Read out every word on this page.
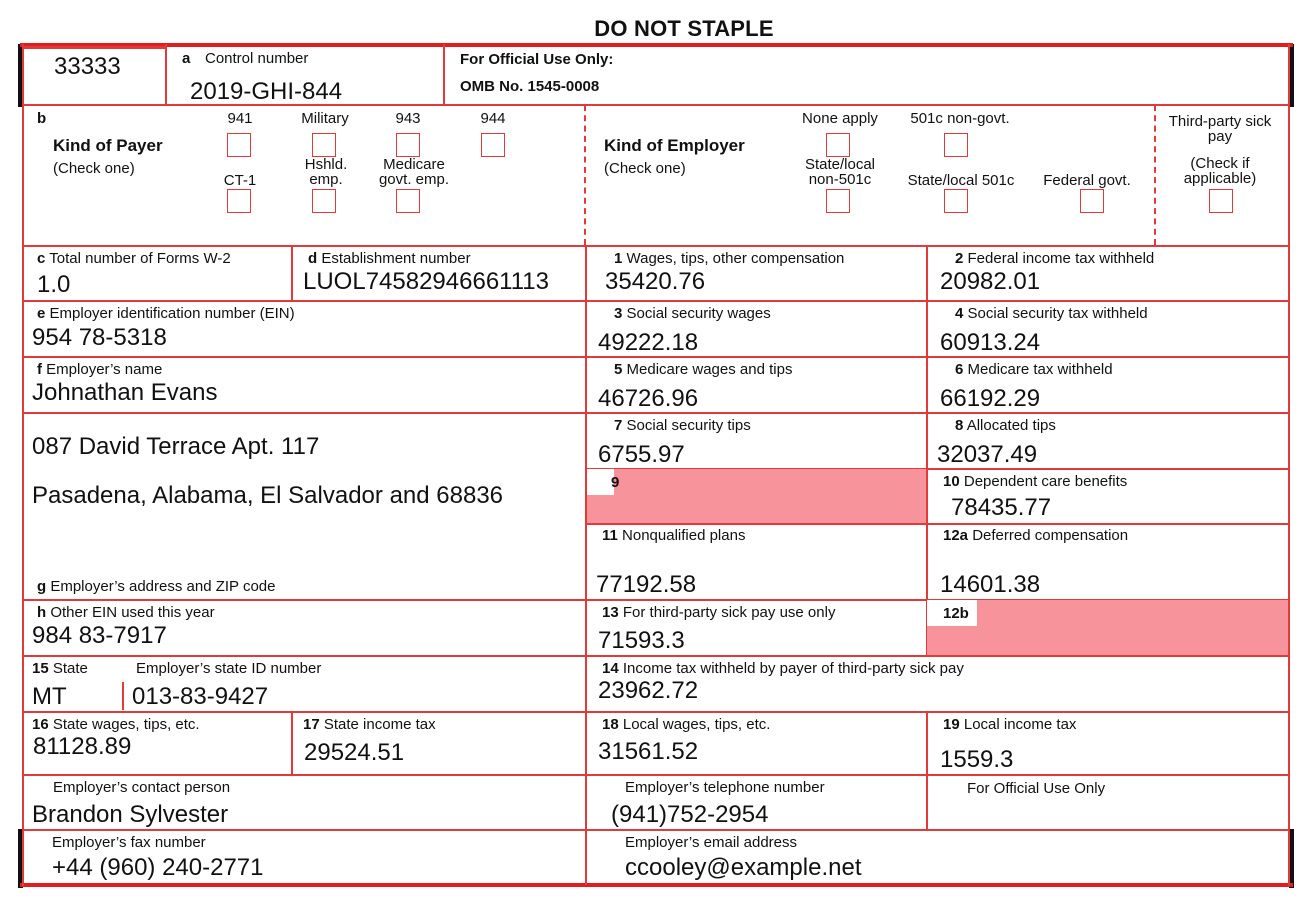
DO NOT STAPLE
33333	a Control number
2019-GHI-844
For Official Use Only:
OMB No. 1545-0008
b
Kind of Payer
(Check one)
941	Military	943	944
CT-1
Hshld. emp.
Medicare govt. emp.
Kind of Employer
(Check one)
None apply	501c non-govt.
State/local non-501c	State/local 501c	Federal govt.
Third-party sick pay
(Check if applicable)
c Total number of Forms W-2
1.0
d Establishment number
LUOL74582946661113
1 Wages, tips, other compensation
35420.76
2 Federal income tax withheld
20982.01
e Employer identification number (EIN)
954 78-5318
3 Social security wages
49222.18
4 Social security tax withheld
60913.24
f Employer’s name
Johnathan Evans
5 Medicare wages and tips
46726.96
6 Medicare tax withheld
66192.29
087 David Terrace Apt. 117
Pasadena, Alabama, El Salvador and 68836
g Employer’s address and ZIP code
7 Social security tips
6755.97
8 Allocated tips
32037.49
9	10 Dependent care benefits
78435.77
11 Nonqualified plans
77192.58
12a Deferred compensation
14601.38
h Other EIN used this year
984 83-7917
13 For third-party sick pay use only
71593.3
12b
15 State	Employer’s state ID number
MT	013-83-9427
14 Income tax withheld by payer of third-party sick pay
23962.72
16 State wages, tips, etc.
81128.89
17 State income tax
29524.51
18 Local wages, tips, etc.
31561.52
19 Local income tax
1559.3
Employer’s contact person
Brandon Sylvester
Employer’s telephone number
(941)752-2954
For Official Use Only
Employer’s fax number
+44 (960) 240-2771
Employer’s email address
ccooley@example.net
